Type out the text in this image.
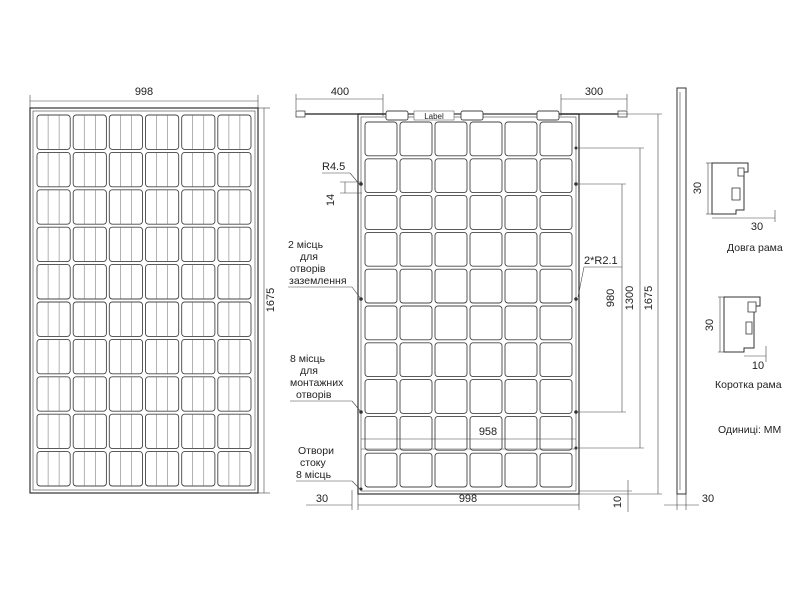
998
1675
400	300
Label
R4.5
14
2 місць
для
отворів
заземлення
8 місць
для
монтажних
отворів
Отвори
стоку
8 місць
2*R2.1
980 1300 1675
958
998
30	10	30
30
30
Довга рама
30
10
Коротка рама
Одиниці: ММ
